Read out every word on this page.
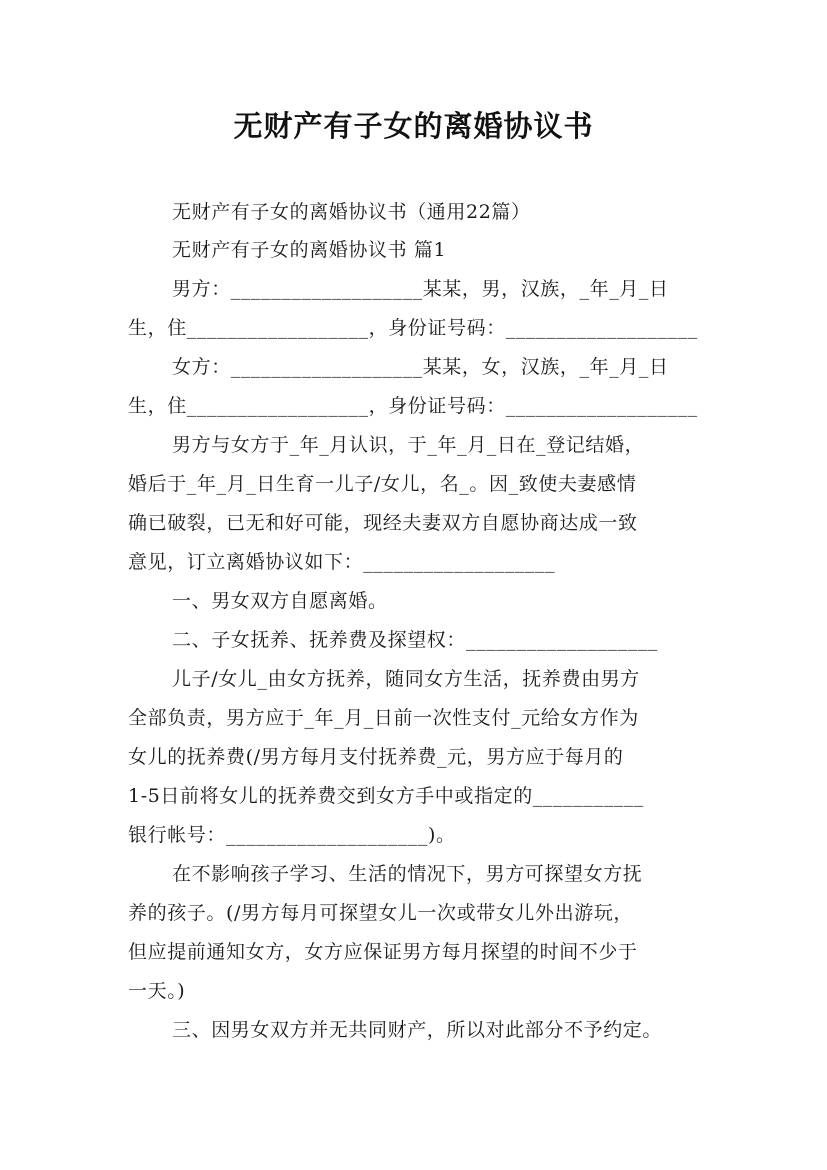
无财产有子女的离婚协议书
无财产有子女的离婚协议书（通用22篇）
无财产有子女的离婚协议书 篇1
男方：___________________某某，男，汉族，_年_月_日
生，住__________________，身份证号码：___________________
女方：___________________某某，女，汉族，_年_月_日
生，住__________________，身份证号码：___________________
男方与女方于_年_月认识，于_年_月_日在_登记结婚，
婚后于_年_月_日生育一儿子/女儿，名_。因_致使夫妻感情
确已破裂，已无和好可能，现经夫妻双方自愿协商达成一致
意见，订立离婚协议如下：___________________
一、男女双方自愿离婚。
二、子女抚养、抚养费及探望权：___________________
儿子/女儿_由女方抚养，随同女方生活，抚养费由男方
全部负责，男方应于_年_月_日前一次性支付_元给女方作为
女儿的抚养费(/男方每月支付抚养费_元，男方应于每月的
1-5日前将女儿的抚养费交到女方手中或指定的___________
银行帐号：____________________)。
在不影响孩子学习、生活的情况下，男方可探望女方抚
养的孩子。(/男方每月可探望女儿一次或带女儿外出游玩，
但应提前通知女方，女方应保证男方每月探望的时间不少于
一天。)
三、因男女双方并无共同财产，所以对此部分不予约定。
